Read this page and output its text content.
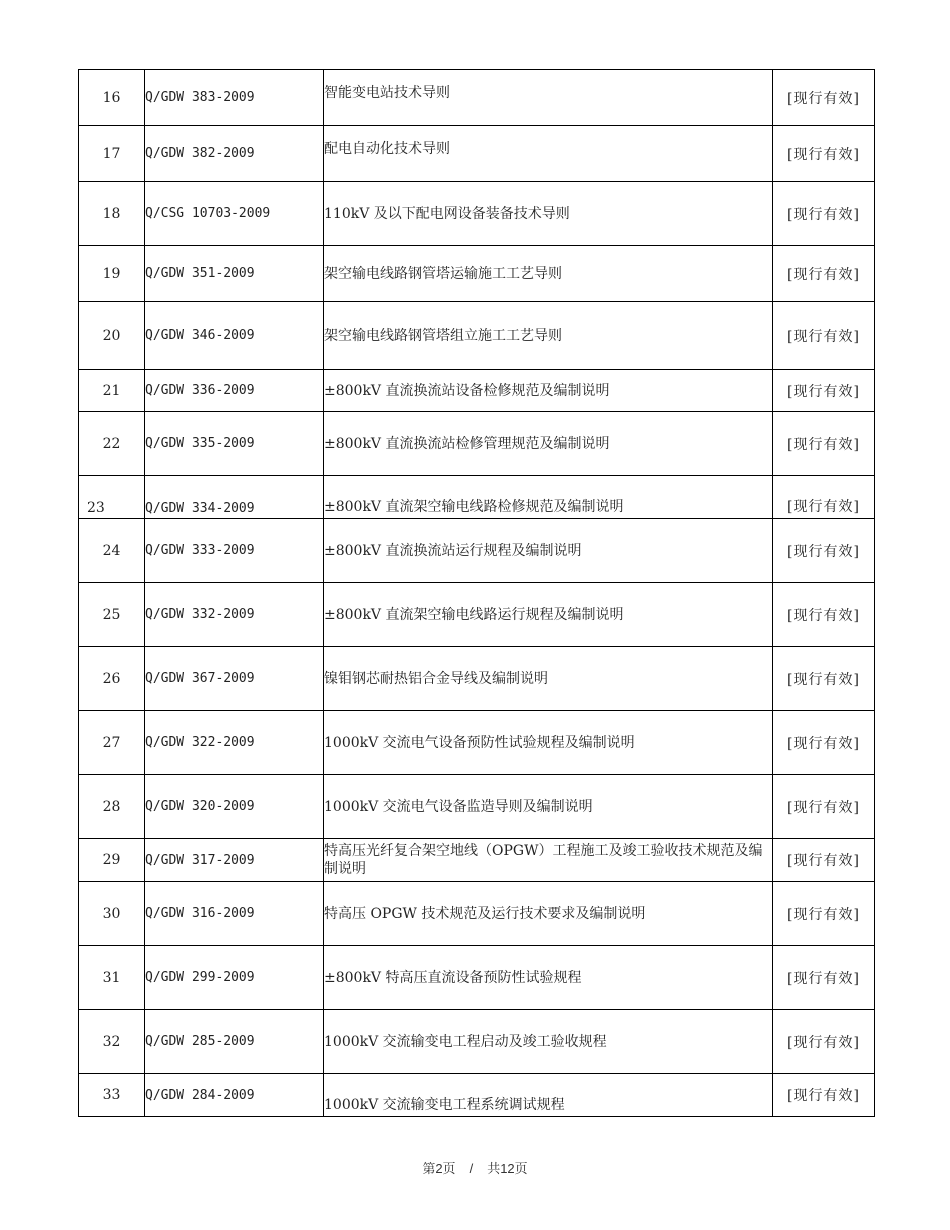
16	Q/GDW 383-2009	智能变电站技术导则	[现行有效]
17	Q/GDW 382-2009	配电自动化技术导则	[现行有效]
18	Q/CSG 10703-2009	110kV 及以下配电网设备装备技术导则	[现行有效]
19	Q/GDW 351-2009	架空输电线路钢管塔运输施工工艺导则	[现行有效]
20	Q/GDW 346-2009	架空输电线路钢管塔组立施工工艺导则	[现行有效]
21	Q/GDW 336-2009	±800kV 直流换流站设备检修规范及编制说明	[现行有效]
22	Q/GDW 335-2009	±800kV 直流换流站检修管理规范及编制说明	[现行有效]
23	Q/GDW 334-2009	±800kV 直流架空输电线路检修规范及编制说明	[现行有效]
24	Q/GDW 333-2009	±800kV 直流换流站运行规程及编制说明	[现行有效]
25	Q/GDW 332-2009	±800kV 直流架空输电线路运行规程及编制说明	[现行有效]
26	Q/GDW 367-2009	镍钼钢芯耐热铝合金导线及编制说明	[现行有效]
27	Q/GDW 322-2009	1000kV 交流电气设备预防性试验规程及编制说明	[现行有效]
28	Q/GDW 320-2009	1000kV 交流电气设备监造导则及编制说明	[现行有效]
29	Q/GDW 317-2009	特高压光纤复合架空地线（OPGW）工程施工及竣工验收技术规范及编制说明	[现行有效]
30	Q/GDW 316-2009	特高压 OPGW 技术规范及运行技术要求及编制说明	[现行有效]
31	Q/GDW 299-2009	±800kV 特高压直流设备预防性试验规程	[现行有效]
32	Q/GDW 285-2009	1000kV 交流输变电工程启动及竣工验收规程	[现行有效]
33	Q/GDW 284-2009	1000kV 交流输变电工程系统调试规程	[现行有效]
第2页 / 共12页
